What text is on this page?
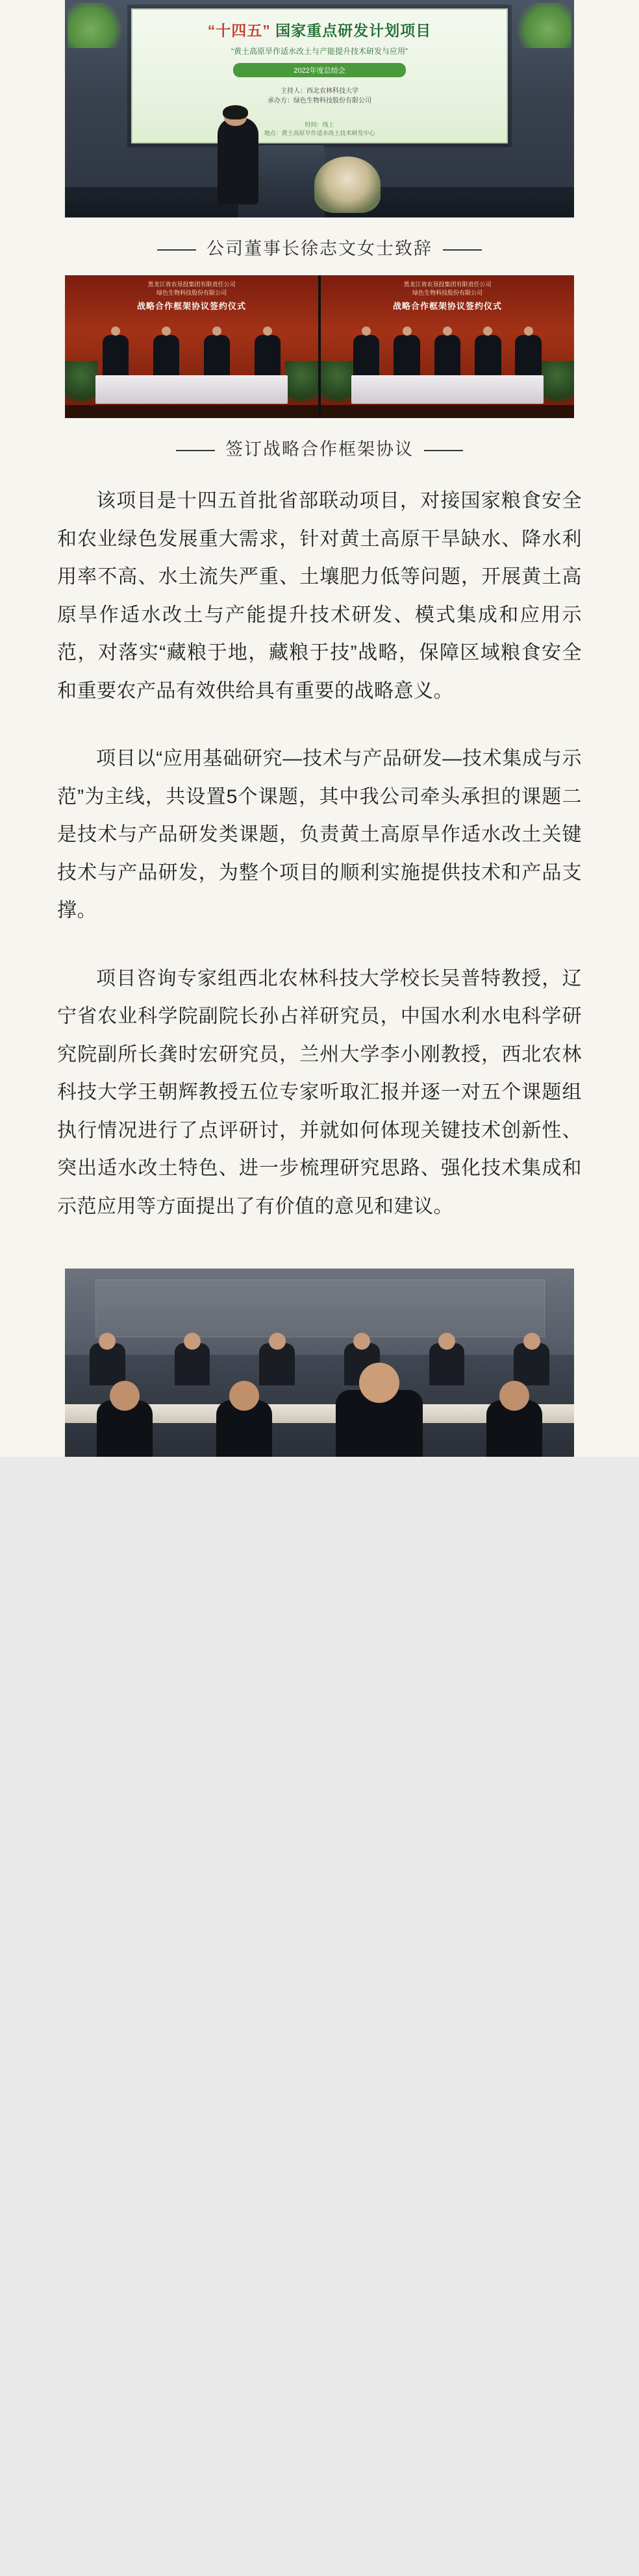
“十四五” 国家重点研发计划项目
“黄土高原旱作适水改土与产能提升技术研发与应用”
2022年度总结会
主持人：西北农林科技大学
承办方：绿色生物科技股份有限公司
时间：线上
地点：黄土高原旱作适水改土技术研发中心
公司董事长徐志文女士致辞
黑龙江省农垦投集团有限责任公司
绿色生物科技股份有限公司
战略合作框架协议签约仪式
黑龙江省农垦投集团有限责任公司
绿色生物科技股份有限公司
战略合作框架协议签约仪式
签订战略合作框架协议

该项目是十四五首批省部联动项目，对接国家粮食安全和农业绿色发展重大需求，针对黄土高原干旱缺水、降水利用率不高、水土流失严重、土壤肥力低等问题，开展黄土高原旱作适水改土与产能提升技术研发、模式集成和应用示范，对落实“藏粮于地，藏粮于技”战略，保障区域粮食安全和重要农产品有效供给具有重要的战略意义。

项目以“应用基础研究—技术与产品研发—技术集成与示范”为主线，共设置5个课题，其中我公司牵头承担的课题二是技术与产品研发类课题，负责黄土高原旱作适水改土关键技术与产品研发，为整个项目的顺利实施提供技术和产品支撑。

项目咨询专家组西北农林科技大学校长吴普特教授，辽宁省农业科学院副院长孙占祥研究员，中国水利水电科学研究院副所长龚时宏研究员，兰州大学李小刚教授，西北农林科技大学王朝辉教授五位专家听取汇报并逐一对五个课题组执行情况进行了点评研讨，并就如何体现关键技术创新性、突出适水改土特色、进一步梳理研究思路、强化技术集成和示范应用等方面提出了有价值的意见和建议。
